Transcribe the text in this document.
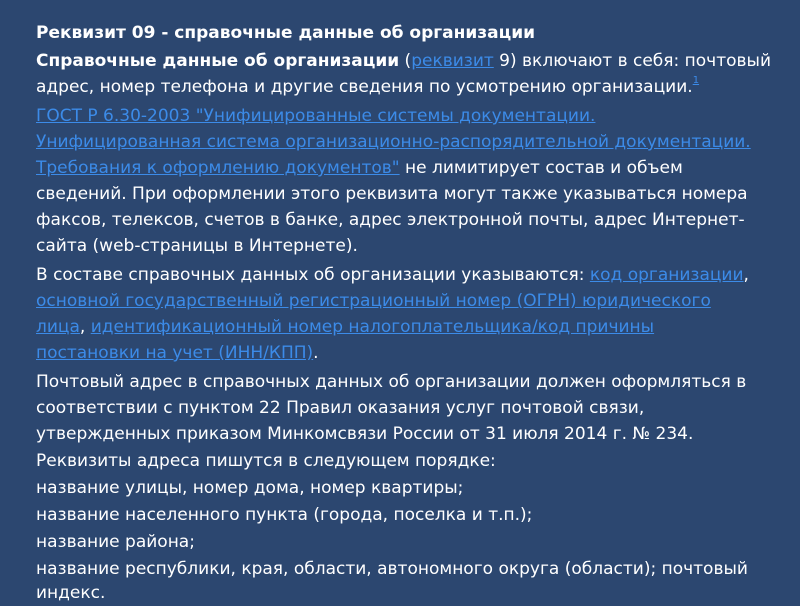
Реквизит 09 - справочные данные об организации
Справочные данные об организации (реквизит 9) включают в себя: почтовый
адрес, номер телефона и другие сведения по усмотрению организации.$^1$
ГОСТ Р 6.30-2003 "Унифицированные системы документации.
Унифицированная система организационно-распорядительной документации.
Требования к оформлению документов" не лимитирует состав и объем
сведений. При оформлении этого реквизита могут также указываться номера
факсов, телексов, счетов в банке, адрес электронной почты, адрес Интернет-
сайта (web-страницы в Интернете).
В составе справочных данных об организации указываются: код организации,
основной государственный регистрационный номер (ОГРН) юридического
лица, идентификационный номер налогоплательщика/код причины
постановки на учет (ИНН/КПП).
Почтовый адрес в справочных данных об организации должен оформляться в
соответствии с пунктом 22 Правил оказания услуг почтовой связи,
утвержденных приказом Минкомсвязи России от 31 июля 2014 г. № 234.
Реквизиты адреса пишутся в следующем порядке:
название улицы, номер дома, номер квартиры;
название населенного пункта (города, поселка и т.п.);
название района;
название республики, края, области, автономного округа (области); почтовый
индекс.
